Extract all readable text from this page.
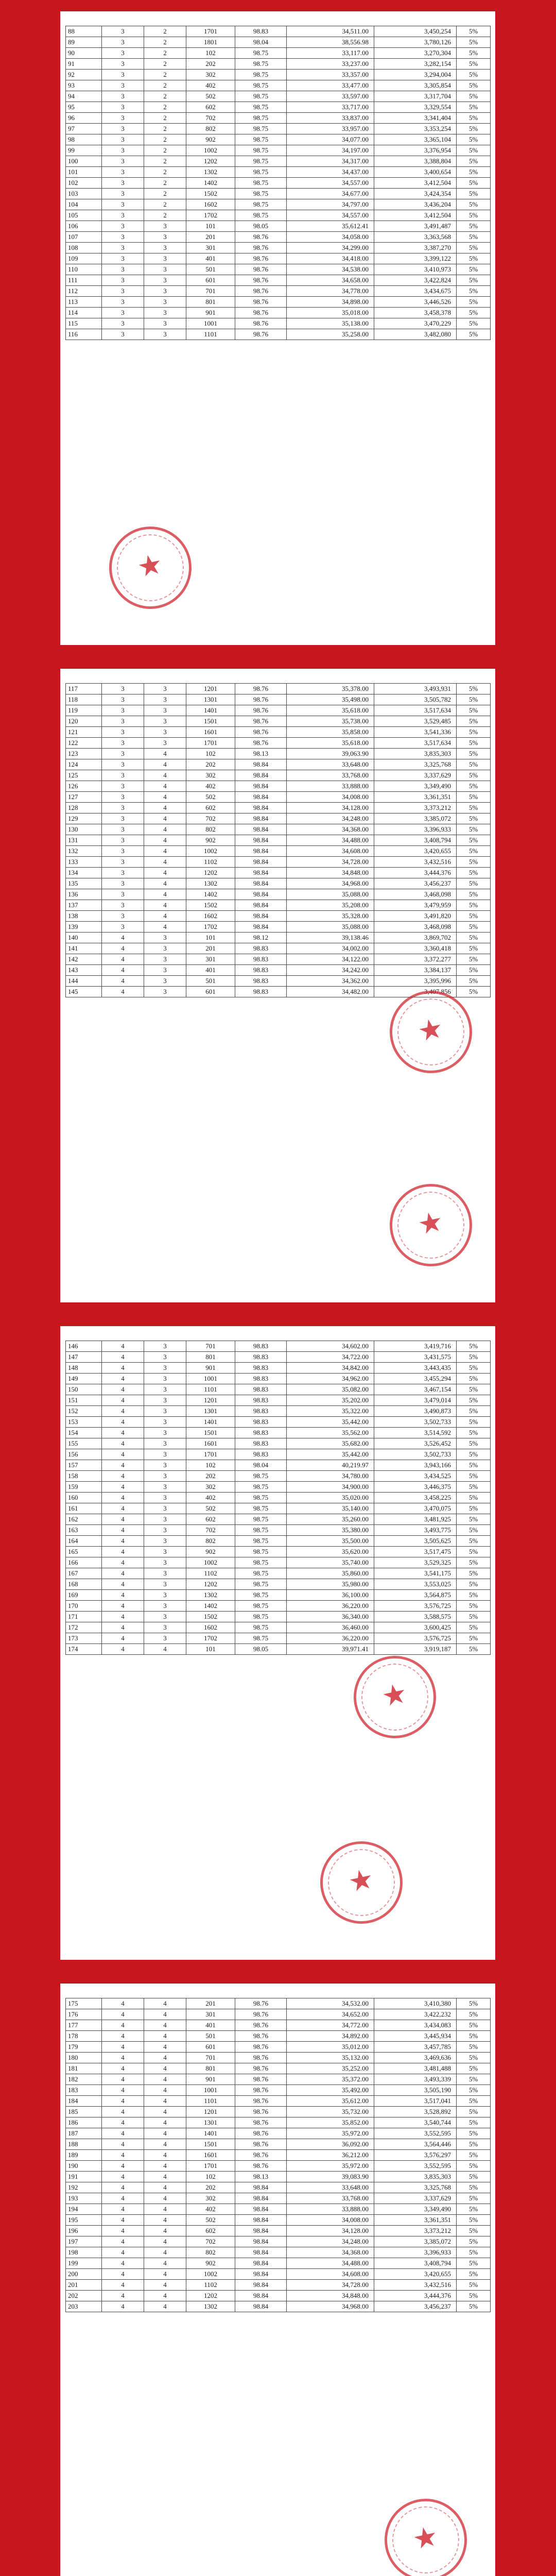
88	3	2	1701	98.83	34,511.00	3,450,254	5%
89	3	2	1801	98.04	38,556.98	3,780,126	5%
90	3	2	102	98.75	33,117.00	3,270,304	5%
91	3	2	202	98.75	33,237.00	3,282,154	5%
92	3	2	302	98.75	33,357.00	3,294,004	5%
93	3	2	402	98.75	33,477.00	3,305,854	5%
94	3	2	502	98.75	33,597.00	3,317,704	5%
95	3	2	602	98.75	33,717.00	3,329,554	5%
96	3	2	702	98.75	33,837.00	3,341,404	5%
97	3	2	802	98.75	33,957.00	3,353,254	5%
98	3	2	902	98.75	34,077.00	3,365,104	5%
99	3	2	1002	98.75	34,197.00	3,376,954	5%
100	3	2	1202	98.75	34,317.00	3,388,804	5%
101	3	2	1302	98.75	34,437.00	3,400,654	5%
102	3	2	1402	98.75	34,557.00	3,412,504	5%
103	3	2	1502	98.75	34,677.00	3,424,354	5%
104	3	2	1602	98.75	34,797.00	3,436,204	5%
105	3	2	1702	98.75	34,557.00	3,412,504	5%
106	3	3	101	98.05	35,612.41	3,491,487	5%
107	3	3	201	98.76	34,058.00	3,363,568	5%
108	3	3	301	98.76	34,299.00	3,387,270	5%
109	3	3	401	98.76	34,418.00	3,399,122	5%
110	3	3	501	98.76	34,538.00	3,410,973	5%
111	3	3	601	98.76	34,658.00	3,422,824	5%
112	3	3	701	98.76	34,778.00	3,434,675	5%
113	3	3	801	98.76	34,898.00	3,446,526	5%
114	3	3	901	98.76	35,018.00	3,458,378	5%
115	3	3	1001	98.76	35,138.00	3,470,229	5%
116	3	3	1101	98.76	35,258.00	3,482,080	5%
★
117	3	3	1201	98.76	35,378.00	3,493,931	5%
118	3	3	1301	98.76	35,498.00	3,505,782	5%
119	3	3	1401	98.76	35,618.00	3,517,634	5%
120	3	3	1501	98.76	35,738.00	3,529,485	5%
121	3	3	1601	98.76	35,858.00	3,541,336	5%
122	3	3	1701	98.76	35,618.00	3,517,634	5%
123	3	4	102	98.13	39,063.90	3,835,303	5%
124	3	4	202	98.84	33,648.00	3,325,768	5%
125	3	4	302	98.84	33,768.00	3,337,629	5%
126	3	4	402	98.84	33,888.00	3,349,490	5%
127	3	4	502	98.84	34,008.00	3,361,351	5%
128	3	4	602	98.84	34,128.00	3,373,212	5%
129	3	4	702	98.84	34,248.00	3,385,072	5%
130	3	4	802	98.84	34,368.00	3,396,933	5%
131	3	4	902	98.84	34,488.00	3,408,794	5%
132	3	4	1002	98.84	34,608.00	3,420,655	5%
133	3	4	1102	98.84	34,728.00	3,432,516	5%
134	3	4	1202	98.84	34,848.00	3,444,376	5%
135	3	4	1302	98.84	34,968.00	3,456,237	5%
136	3	4	1402	98.84	35,088.00	3,468,098	5%
137	3	4	1502	98.84	35,208.00	3,479,959	5%
138	3	4	1602	98.84	35,328.00	3,491,820	5%
139	3	4	1702	98.84	35,088.00	3,468,098	5%
140	4	3	101	98.12	39,138.46	3,869,702	5%
141	4	3	201	98.83	34,002.00	3,360,418	5%
142	4	3	301	98.83	34,122.00	3,372,277	5%
143	4	3	401	98.83	34,242.00	3,384,137	5%
144	4	3	501	98.83	34,362.00	3,395,996	5%
145	4	3	601	98.83	34,482.00	3,407,856	5%
★
★
146	4	3	701	98.83	34,602.00	3,419,716	5%
147	4	3	801	98.83	34,722.00	3,431,575	5%
148	4	3	901	98.83	34,842.00	3,443,435	5%
149	4	3	1001	98.83	34,962.00	3,455,294	5%
150	4	3	1101	98.83	35,082.00	3,467,154	5%
151	4	3	1201	98.83	35,202.00	3,479,014	5%
152	4	3	1301	98.83	35,322.00	3,490,873	5%
153	4	3	1401	98.83	35,442.00	3,502,733	5%
154	4	3	1501	98.83	35,562.00	3,514,592	5%
155	4	3	1601	98.83	35,682.00	3,526,452	5%
156	4	3	1701	98.83	35,442.00	3,502,733	5%
157	4	3	102	98.04	40,219.97	3,943,166	5%
158	4	3	202	98.75	34,780.00	3,434,525	5%
159	4	3	302	98.75	34,900.00	3,446,375	5%
160	4	3	402	98.75	35,020.00	3,458,225	5%
161	4	3	502	98.75	35,140.00	3,470,075	5%
162	4	3	602	98.75	35,260.00	3,481,925	5%
163	4	3	702	98.75	35,380.00	3,493,775	5%
164	4	3	802	98.75	35,500.00	3,505,625	5%
165	4	3	902	98.75	35,620.00	3,517,475	5%
166	4	3	1002	98.75	35,740.00	3,529,325	5%
167	4	3	1102	98.75	35,860.00	3,541,175	5%
168	4	3	1202	98.75	35,980.00	3,553,025	5%
169	4	3	1302	98.75	36,100.00	3,564,875	5%
170	4	3	1402	98.75	36,220.00	3,576,725	5%
171	4	3	1502	98.75	36,340.00	3,588,575	5%
172	4	3	1602	98.75	36,460.00	3,600,425	5%
173	4	3	1702	98.75	36,220.00	3,576,725	5%
174	4	4	101	98.05	39,971.41	3,919,187	5%
★
★
175	4	4	201	98.76	34,532.00	3,410,380	5%
176	4	4	301	98.76	34,652.00	3,422,232	5%
177	4	4	401	98.76	34,772.00	3,434,083	5%
178	4	4	501	98.76	34,892.00	3,445,934	5%
179	4	4	601	98.76	35,012.00	3,457,785	5%
180	4	4	701	98.76	35,132.00	3,469,636	5%
181	4	4	801	98.76	35,252.00	3,481,488	5%
182	4	4	901	98.76	35,372.00	3,493,339	5%
183	4	4	1001	98.76	35,492.00	3,505,190	5%
184	4	4	1101	98.76	35,612.00	3,517,041	5%
185	4	4	1201	98.76	35,732.00	3,528,892	5%
186	4	4	1301	98.76	35,852.00	3,540,744	5%
187	4	4	1401	98.76	35,972.00	3,552,595	5%
188	4	4	1501	98.76	36,092.00	3,564,446	5%
189	4	4	1601	98.76	36,212.00	3,576,297	5%
190	4	4	1701	98.76	35,972.00	3,552,595	5%
191	4	4	102	98.13	39,083.90	3,835,303	5%
192	4	4	202	98.84	33,648.00	3,325,768	5%
193	4	4	302	98.84	33,768.00	3,337,629	5%
194	4	4	402	98.84	33,888.00	3,349,490	5%
195	4	4	502	98.84	34,008.00	3,361,351	5%
196	4	4	602	98.84	34,128.00	3,373,212	5%
197	4	4	702	98.84	34,248.00	3,385,072	5%
198	4	4	802	98.84	34,368.00	3,396,933	5%
199	4	4	902	98.84	34,488.00	3,408,794	5%
200	4	4	1002	98.84	34,608.00	3,420,655	5%
201	4	4	1102	98.84	34,728.00	3,432,516	5%
202	4	4	1202	98.84	34,848.00	3,444,376	5%
203	4	4	1302	98.84	34,968.00	3,456,237	5%
★
